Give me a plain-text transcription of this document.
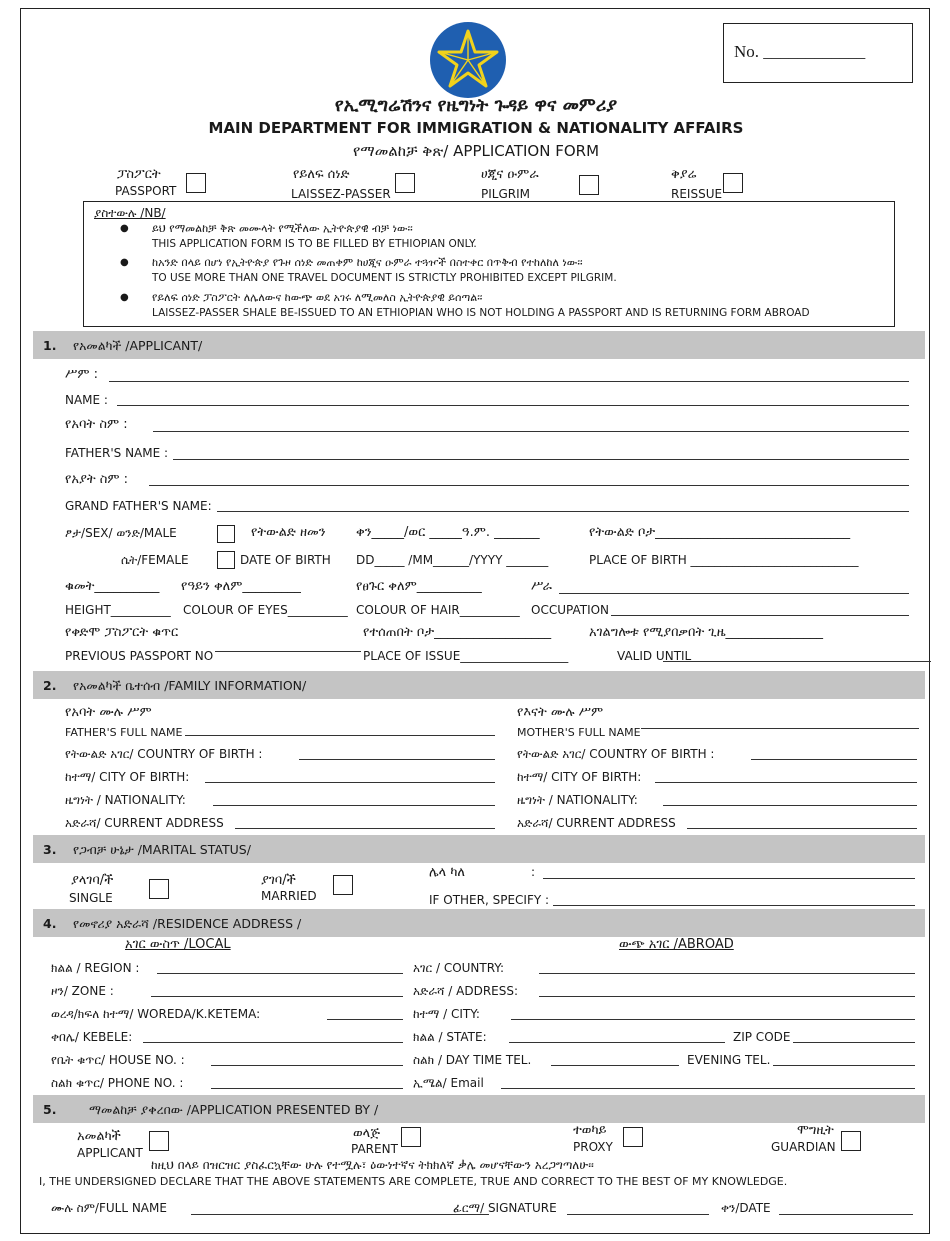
No. ____________
የኢሚግሬሽንና የዜግነት ጉዳይ ዋና መምሪያ
MAIN DEPARTMENT FOR IMMIGRATION & NATIONALITY AFFAIRS
የማመልከቻ ቅጽ/ APPLICATION FORM
ፓስፖርት
PASSPORT
የይለፍ ሰነድ
LAISSEZ-PASSER
ሀጂና ዑምራ
PILGRIM
ቅያሬ
REISSUE
ያስተውሉ /NB/
● ይህ የማመልከቻ ቅጽ መሙላት የሚችለው ኢትዮጵያዊ ብቻ ነው፡፡
THIS APPLICATION FORM IS TO BE FILLED BY ETHIOPIAN ONLY.
● ከአንድ በላይ በሆነ የኢትዮጵያ የጉዞ ሰነድ መጠቀም ከሀጂና ዑምራ ተጓዦች በስተቀር በጥቅብ የተከለከለ ነው፡፡
TO USE MORE THAN ONE TRAVEL DOCUMENT IS STRICTLY PROHIBITED EXCEPT PILGRIM.
● የይለፍ ሰነድ ፓስፖርት ለሌለውና ከውጭ ወደ አገሩ ለሚመለስ ኢትዮጵያዊ ይሰጣል፡፡
LAISSEZ-PASSER SHALE BE-ISSUED TO AN ETHIOPIAN WHO IS NOT HOLDING A PASSPORT AND IS RETURNING FORM ABROAD
1. የአመልካች /APPLICANT/
ሥም :
NAME :
የአባት ስም :
FATHER'S NAME :
የአያት ስም :
GRAND FATHER'S NAME:
ፆታ/SEX/ ወንድ/MALE	የትውልድ ዘመን ቀን_____/ወር _____ዓ.ም. _______	የትውልድ ቦታ______________________________
ሴት/FEMALE	DATE OF BIRTH DD_____ /MM______/YYYY _______	PLACE OF BIRTH ____________________________
ቁመት__________ የዓይን ቀለም_________	የፀጉር ቀለም__________	ሥራ
HEIGHT__________ COLOUR OF EYES__________ COLOUR OF HAIR__________ OCCUPATION
የቀድሞ ፓስፖርት ቁጥር	የተሰጠበት ቦታ__________________	አገልግሎቱ የሚያበቃበት ጊዜ_______________
PREVIOUS PASSPORT NO	PLACE OF ISSUE__________________	VALID UNTIL
2. የአመልካች ቤተሰብ /FAMILY INFORMATION/
የአባት ሙሉ ሥም
FATHER'S FULL NAME
የእናት ሙሉ ሥም
MOTHER'S FULL NAME
የትውልድ አገር/ COUNTRY OF BIRTH :	የትውልድ አገር/ COUNTRY OF BIRTH :
ከተማ/ CITY OF BIRTH:	ከተማ/ CITY OF BIRTH:
ዜግነት / NATIONALITY:	ዜግነት / NATIONALITY:
አድራሻ/ CURRENT ADDRESS	አድራሻ/ CURRENT ADDRESS
3. የጋብቻ ሁኔታ /MARITAL STATUS/
ያላገባ/ች
SINGLE
ያገባ/ች
MARRIED
ሌላ ካለ	:
IF OTHER, SPECIFY :
4. የመኖሪያ አድራሻ /RESIDENCE ADDRESS /
አገር ውስጥ /LOCAL	ውጭ አገር /ABROAD
ክልል / REGION :	አገር / COUNTRY:
ዞን/ ZONE :	አድራሻ / ADDRESS:
ወረዳ/ክፍለ ከተማ/ WOREDA/K.KETEMA:	ከተማ / CITY:
ቀበሌ/ KEBELE:	ክልል / STATE:	ZIP CODE
የቤት ቁጥር/ HOUSE NO. :	ስልክ / DAY TIME TEL.	EVENING TEL.
ስልክ ቁጥር/ PHONE NO. :	ኢሜል/ Email
5.	ማመልከቻ ያቀረበው /APPLICATION PRESENTED BY /
አመልካች
APPLICANT
ወላጅ
PARENT
ተወካይ
PROXY
ሞግዚት
GUARDIAN
ከዚህ በላይ በዝርዝር ያስፈርኳቸው ሁሉ የተሟሉ፣ ዕውነተኛና ትክክለኛ ቃሌ መሆናቸውን አረጋግጣለሁ፡፡
I, THE UNDERSIGNED DECLARE THAT THE ABOVE STATEMENTS ARE COMPLETE, TRUE AND CORRECT TO THE BEST OF MY KNOWLEDGE.
ሙሉ ስም/FULL NAME	ፊርማ/ SIGNATURE	ቀን/DATE
